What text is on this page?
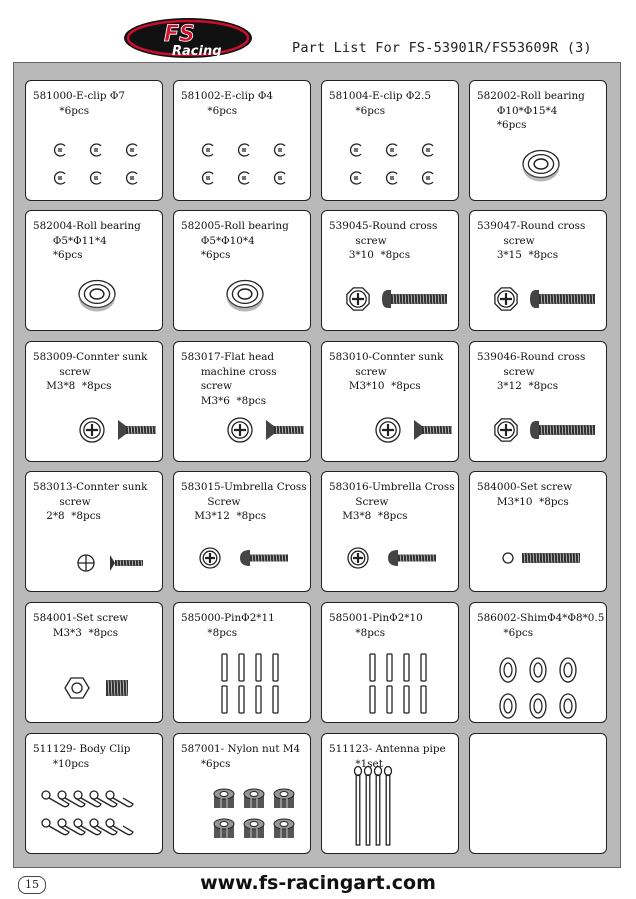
FS
Racing	Part List For FS-53901R/FS53609R (3)
581000-E-clip Φ7
*6pcs
581002-E-clip Φ4
*6pcs
581004-E-clip Φ2.5
*6pcs
582002-Roll bearing
Φ10*Φ15*4
*6pcs
582004-Roll bearing
Φ5*Φ11*4
*6pcs
582005-Roll bearing
Φ5*Φ10*4
*6pcs
539045-Round cross
screw
3*10  *8pcs
539047-Round cross
screw
3*15  *8pcs
583009-Connter sunk
screw
M3*8  *8pcs
583017-Flat head
machine cross
screw
M3*6  *8pcs
583010-Connter sunk
screw
M3*10  *8pcs
539046-Round cross
screw
3*12  *8pcs
583013-Connter sunk
screw
2*8  *8pcs
583015-Umbrella Cross
Screw
M3*12  *8pcs
583016-Umbrella Cross
Screw
M3*8  *8pcs
584000-Set screw
M3*10  *8pcs
584001-Set screw
M3*3  *8pcs
585000-PinΦ2*11
*8pcs
585001-PinΦ2*10
*8pcs
586002-ShimΦ4*Φ8*0.5
*6pcs
511129- Body Clip
*10pcs
587001- Nylon nut M4
*6pcs
511123- Antenna pipe
*1set
15	www.fs-racingart.com
